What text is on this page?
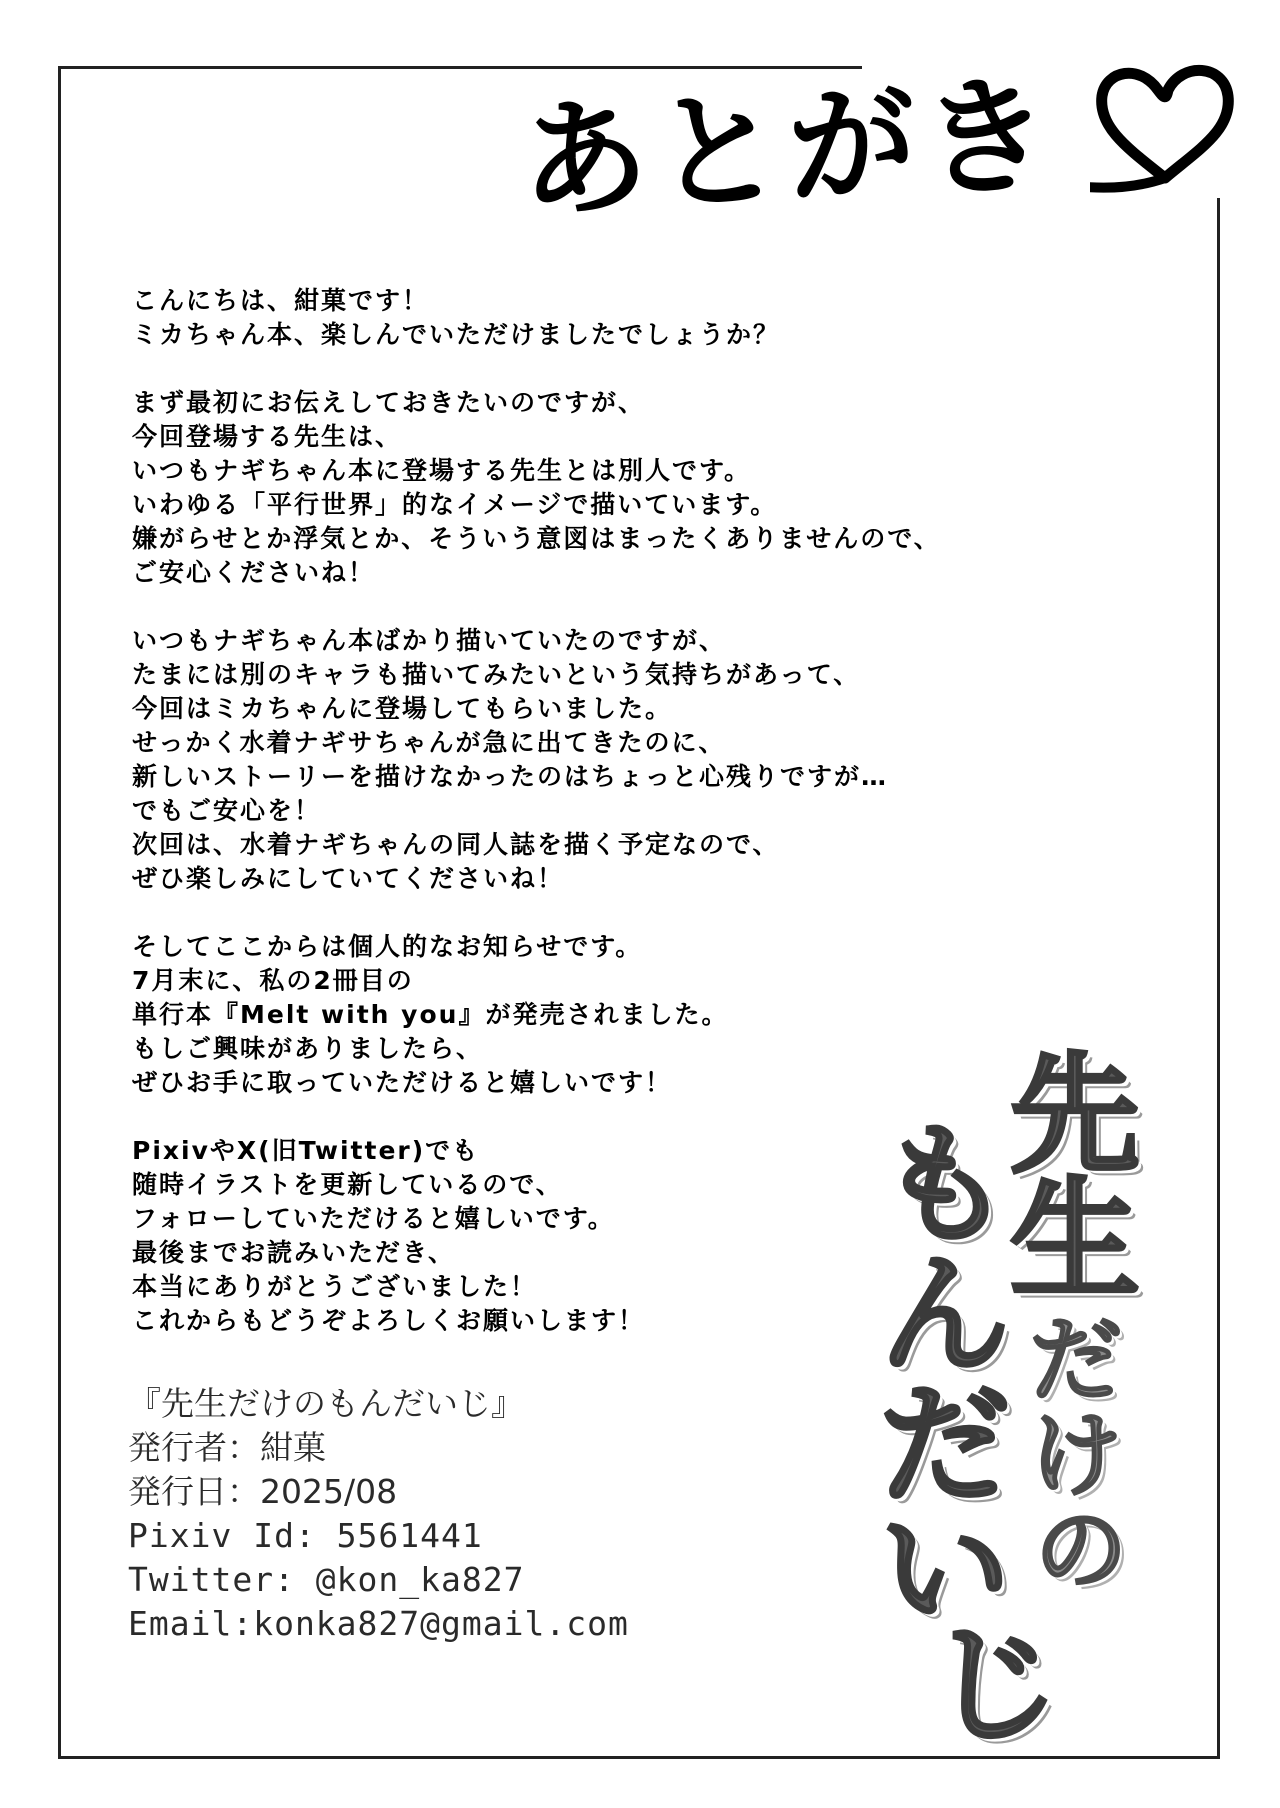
あとがき
こんにちは、紺菓です！
ミカちゃん本、楽しんでいただけましたでしょうか？
まず最初にお伝えしておきたいのですが、
今回登場する先生は、
いつもナギちゃん本に登場する先生とは別人です。
いわゆる「平行世界」的なイメージで描いています。
嫌がらせとか浮気とか、そういう意図はまったくありませんので、
ご安心くださいね！
いつもナギちゃん本ばかり描いていたのですが、
たまには別のキャラも描いてみたいという気持ちがあって、
今回はミカちゃんに登場してもらいました。
せっかく水着ナギサちゃんが急に出てきたのに、
新しいストーリーを描けなかったのはちょっと心残りですが…
でもご安心を！
次回は、水着ナギちゃんの同人誌を描く予定なので、
ぜひ楽しみにしていてくださいね！
そしてここからは個人的なお知らせです。
7月末に、私の2冊目の
単行本『Melt with you』が発売されました。
もしご興味がありましたら、
ぜひお手に取っていただけると嬉しいです！
PixivやX(旧Twitter)でも
随時イラストを更新しているので、
フォローしていただけると嬉しいです。
最後までお読みいただき、
本当にありがとうございました！
これからもどうぞよろしくお願いします！
『先生だけのもんだいじ』
発行者：紺菓
発行日：2025/08
Pixiv Id: 5561441
Twitter: @kon_ka827
Email:konka827@gmail.com
先
生
だ
け
の
も
ん
だ
い
じ
